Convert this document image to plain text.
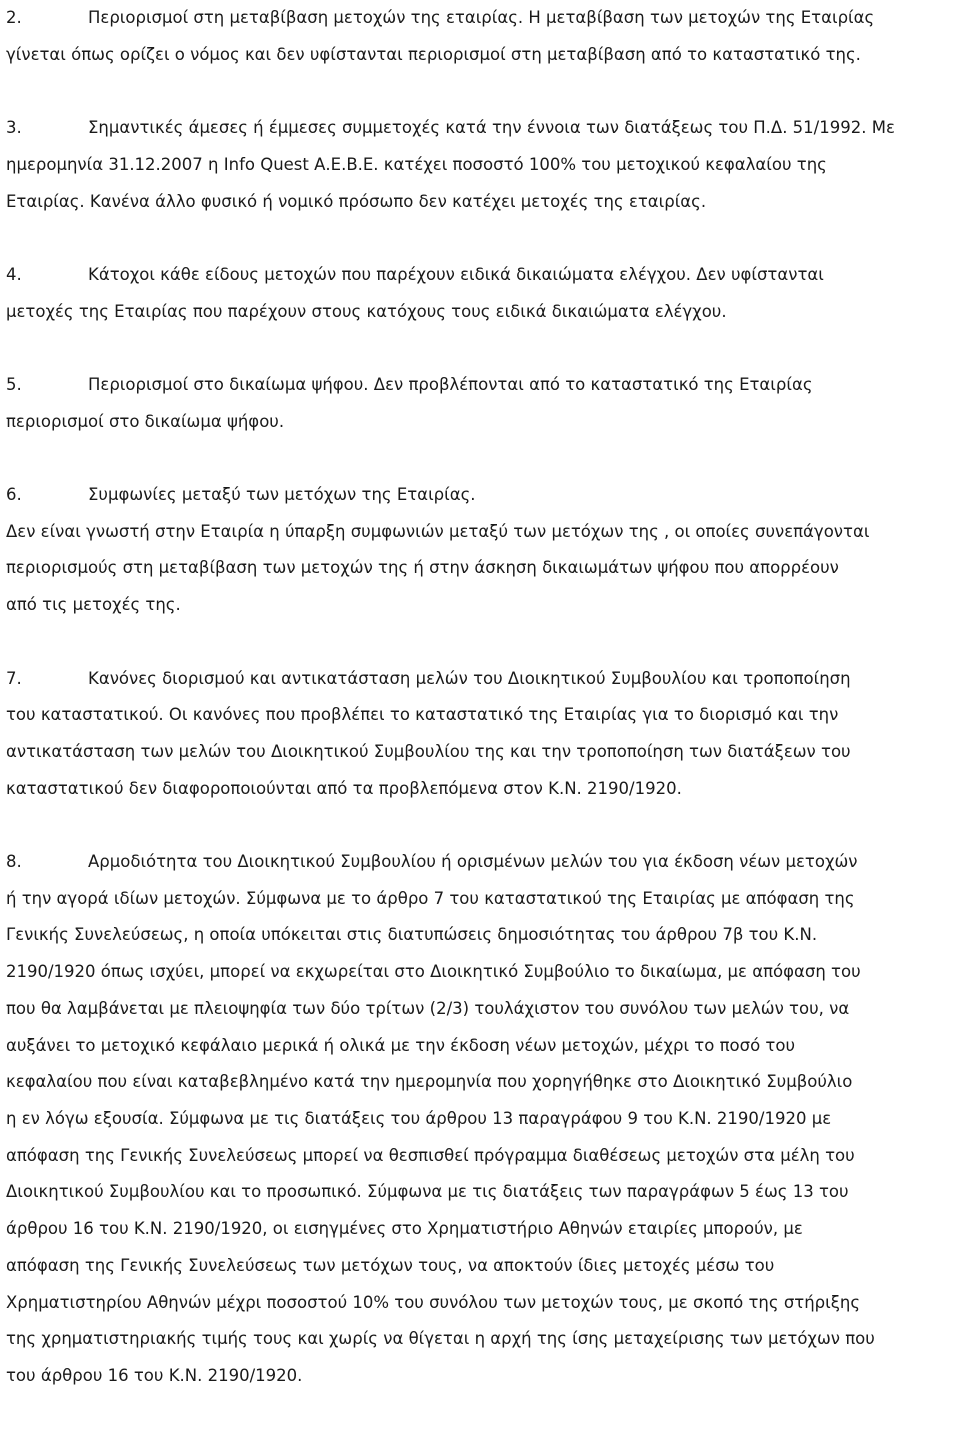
2.	Περιορισμοί στη μεταβίβαση μετοχών της εταιρίας. Η μεταβίβαση των μετοχών της Εταιρίας
γίνεται όπως ορίζει ο νόμος και δεν υφίστανται περιορισμοί στη μεταβίβαση από το καταστατικό της.

3.	Σημαντικές άμεσες ή έμμεσες συμμετοχές κατά την έννοια των διατάξεως του Π.Δ. 51/1992. Με
ημερομηνία 31.12.2007 η Info Quest Α.Ε.Β.Ε. κατέχει ποσοστό 100% του μετοχικού κεφαλαίου της
Εταιρίας. Κανένα άλλο φυσικό ή νομικό πρόσωπο δεν κατέχει μετοχές της εταιρίας.

4.	Κάτοχοι κάθε είδους μετοχών που παρέχουν ειδικά δικαιώματα ελέγχου. Δεν υφίστανται
μετοχές της Εταιρίας που παρέχουν στους κατόχους τους ειδικά δικαιώματα ελέγχου.

5.	Περιορισμοί στο δικαίωμα ψήφου. Δεν προβλέπονται από το καταστατικό της Εταιρίας
περιορισμοί στο δικαίωμα ψήφου.

6.	Συμφωνίες μεταξύ των μετόχων της Εταιρίας.
Δεν είναι γνωστή στην Εταιρία η ύπαρξη συμφωνιών μεταξύ των μετόχων της , οι οποίες συνεπάγονται
περιορισμούς στη μεταβίβαση των μετοχών της ή στην άσκηση δικαιωμάτων ψήφου που απορρέουν
από τις μετοχές της.

7.	Κανόνες διορισμού και αντικατάσταση μελών του Διοικητικού Συμβουλίου και τροποποίηση
του καταστατικού. Οι κανόνες που προβλέπει το καταστατικό της Εταιρίας για το διορισμό και την
αντικατάσταση των μελών του Διοικητικού Συμβουλίου της και την τροποποίηση των διατάξεων του
καταστατικού δεν διαφοροποιούνται από τα προβλεπόμενα στον Κ.Ν. 2190/1920.

8.	Αρμοδιότητα του Διοικητικού Συμβουλίου ή ορισμένων μελών του για έκδοση νέων μετοχών
ή την αγορά ιδίων μετοχών. Σύμφωνα με το άρθρο 7 του καταστατικού της Εταιρίας με απόφαση της
Γενικής Συνελεύσεως, η οποία υπόκειται στις διατυπώσεις δημοσιότητας του άρθρου 7β του Κ.Ν.
2190/1920 όπως ισχύει, μπορεί να εκχωρείται στο Διοικητικό Συμβούλιο το δικαίωμα, με απόφαση του
που θα λαμβάνεται με πλειοψηφία των δύο τρίτων (2/3) τουλάχιστον του συνόλου των μελών του, να
αυξάνει το μετοχικό κεφάλαιο μερικά ή ολικά με την έκδοση νέων μετοχών, μέχρι το ποσό του
κεφαλαίου που είναι καταβεβλημένο κατά την ημερομηνία που χορηγήθηκε στο Διοικητικό Συμβούλιο
η εν λόγω εξουσία. Σύμφωνα με τις διατάξεις του άρθρου 13 παραγράφου 9 του Κ.Ν. 2190/1920 με
απόφαση της Γενικής Συνελεύσεως μπορεί να θεσπισθεί πρόγραμμα διαθέσεως μετοχών στα μέλη του
Διοικητικού Συμβουλίου και το προσωπικό. Σύμφωνα με τις διατάξεις των παραγράφων 5 έως 13 του
άρθρου 16 του Κ.Ν. 2190/1920, οι εισηγμένες στο Χρηματιστήριο Αθηνών εταιρίες μπορούν, με
απόφαση της Γενικής Συνελεύσεως των μετόχων τους, να αποκτούν ίδιες μετοχές μέσω του
Χρηματιστηρίου Αθηνών μέχρι ποσοστού 10% του συνόλου των μετοχών τους, με σκοπό της στήριξης
της χρηματιστηριακής τιμής τους και χωρίς να θίγεται η αρχή της ίσης μεταχείρισης των μετόχων που
του άρθρου 16 του Κ.Ν. 2190/1920.
